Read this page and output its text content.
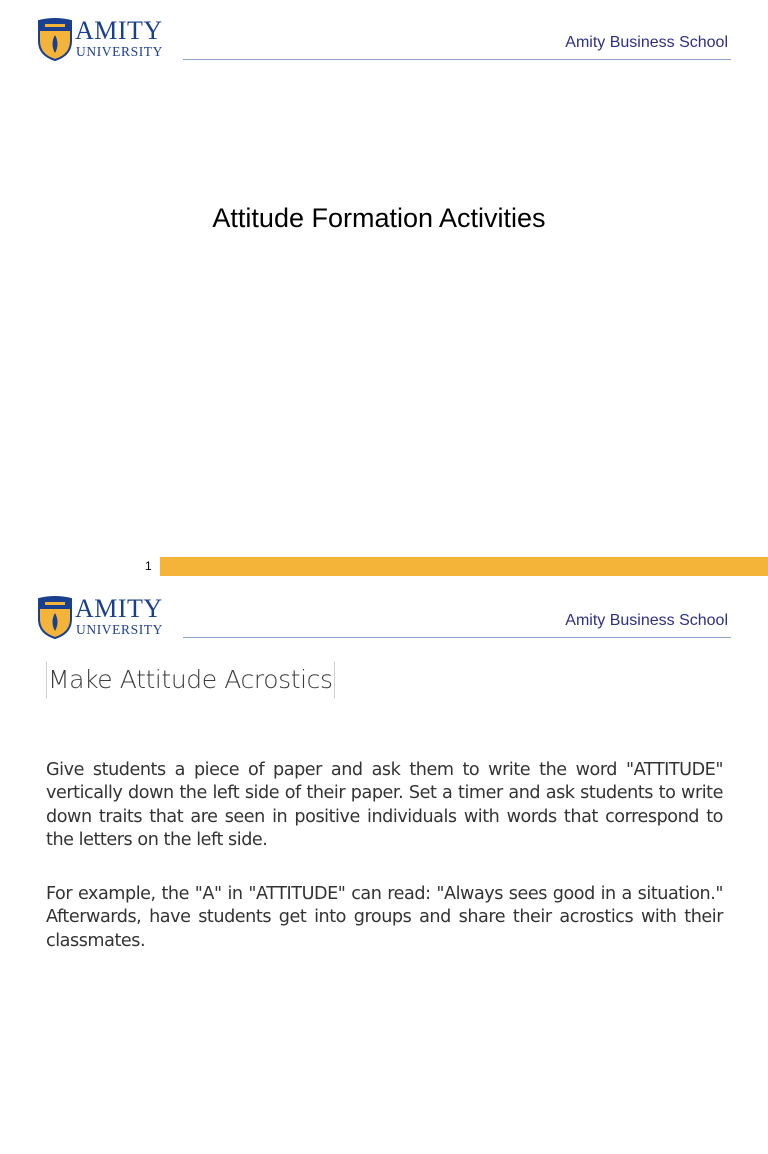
AMITY
UNIVERSITY
Amity Business School
Attitude Formation Activities
1
AMITY
UNIVERSITY
Amity Business School
Make Attitude Acrostics
Give students a piece of paper and ask them to write the word "ATTITUDE" vertically down the left side of their paper. Set a timer and ask students to write down traits that are seen in positive individuals with words that correspond to the letters on the left side.
For example, the "A" in "ATTITUDE" can read: "Always sees good in a situation." Afterwards, have students get into groups and share their acrostics with their classmates.
